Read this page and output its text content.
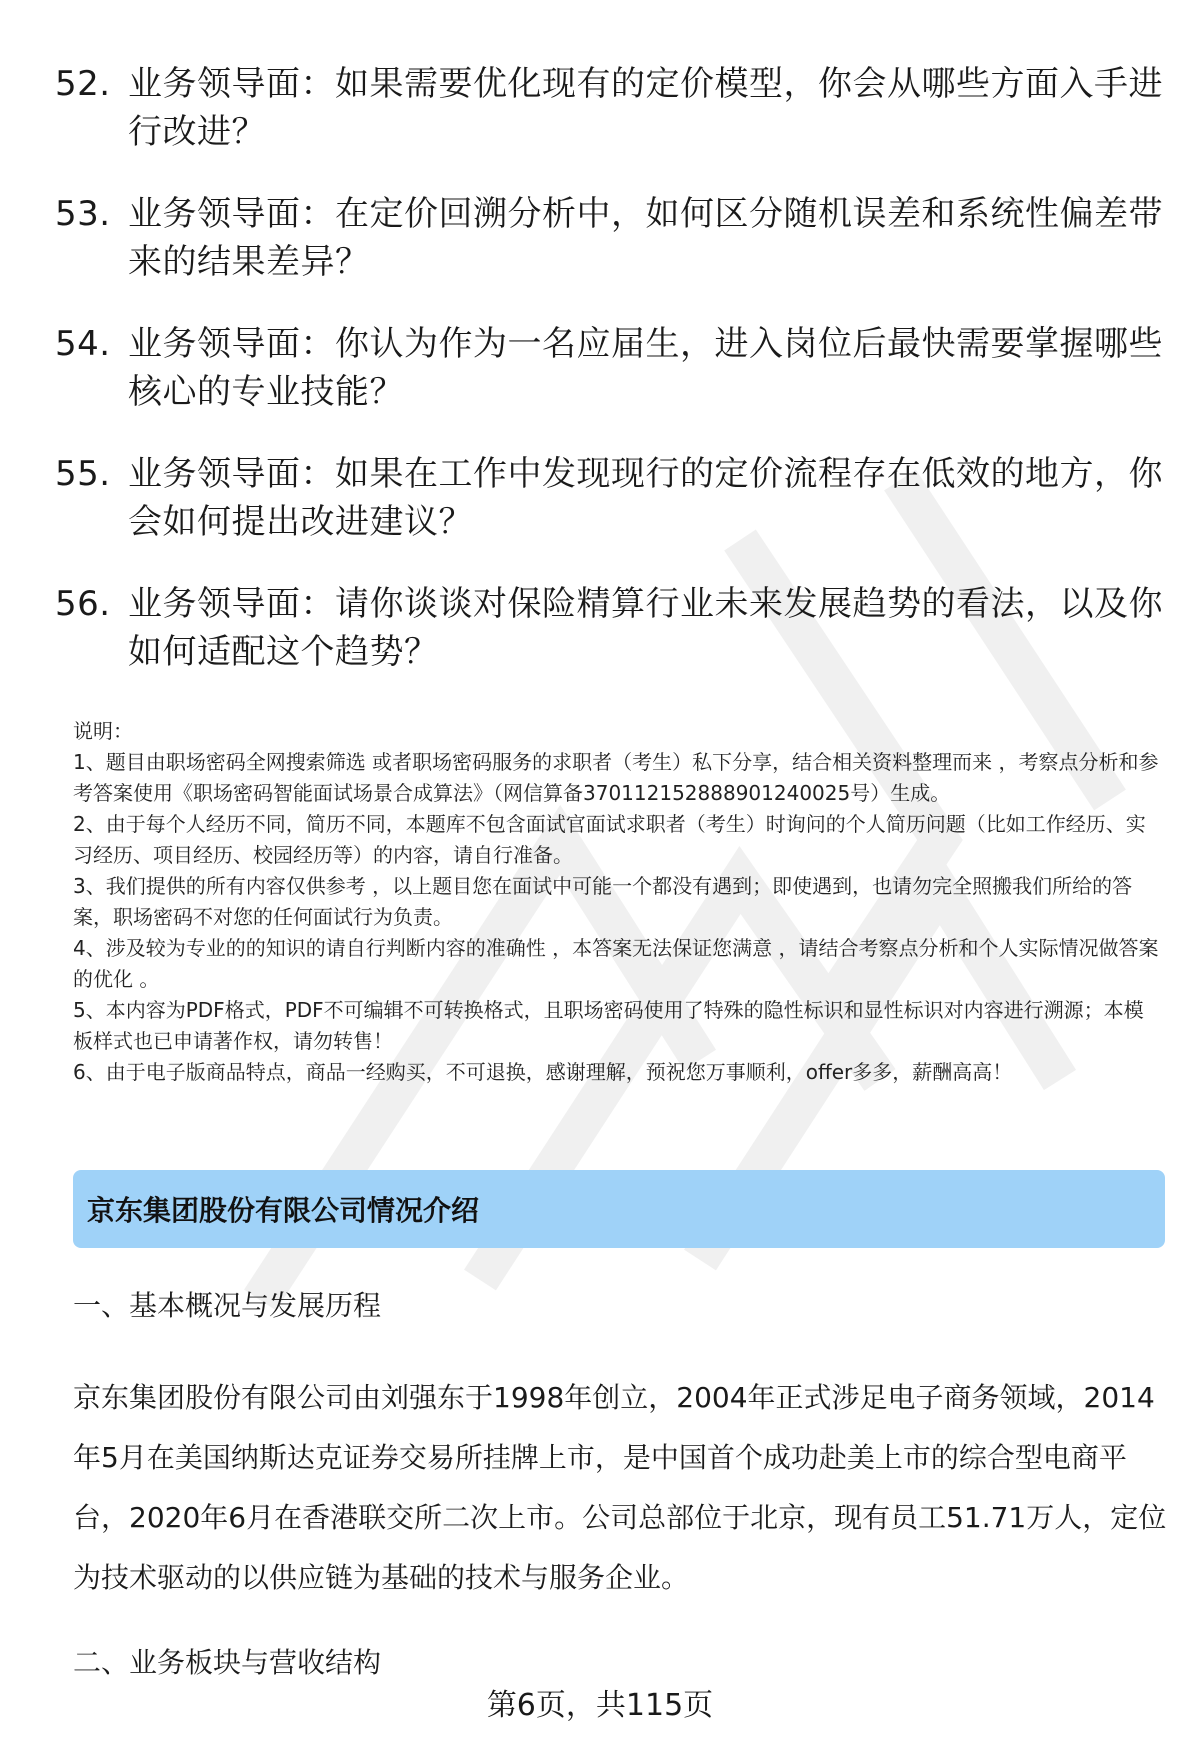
52. 业务领导面：如果需要优化现有的定价模型，你会从哪些方面入手进行改进？
53. 业务领导面：在定价回溯分析中，如何区分随机误差和系统性偏差带来的结果差异？
54. 业务领导面：你认为作为一名应届生，进入岗位后最快需要掌握哪些核心的专业技能？
55. 业务领导面：如果在工作中发现现行的定价流程存在低效的地方，你会如何提出改进建议？
56. 业务领导面：请你谈谈对保险精算行业未来发展趋势的看法，以及你如何适配这个趋势？

说明：

1、题目由职场密码全网搜索筛选 或者职场密码服务的求职者（考生）私下分享，结合相关资料整理而来 ，考察点分析和参考答案使用《职场密码智能面试场景合成算法》（网信算备370112152888901240025号）生成。

2、由于每个人经历不同，简历不同，本题库不包含面试官面试求职者（考生）时询问的个人简历问题（比如工作经历、实习经历、项目经历、校园经历等）的内容，请自行准备。

3、我们提供的所有内容仅供参考 ，以上题目您在面试中可能一个都没有遇到；即使遇到，也请勿完全照搬我们所给的答案，职场密码不对您的任何面试行为负责。

4、涉及较为专业的的知识的请自行判断内容的准确性 ，本答案无法保证您满意 ，请结合考察点分析和个人实际情况做答案的优化 。

5、本内容为PDF格式，PDF不可编辑不可转换格式，且职场密码使用了特殊的隐性标识和显性标识对内容进行溯源；本模板样式也已申请著作权，请勿转售！

6、由于电子版商品特点，商品一经购买，不可退换，感谢理解，预祝您万事顺利，offer多多，薪酬高高！

京东集团股份有限公司情况介绍
一、基本概况与发展历程
京东集团股份有限公司由刘强东于1998年创立，2004年正式涉足电子商务领域，2014年5月在美国纳斯达克证券交易所挂牌上市，是中国首个成功赴美上市的综合型电商平台，2020年6月在香港联交所二次上市。公司总部位于北京，现有员工51.71万人，定位为技术驱动的以供应链为基础的技术与服务企业。
二、业务板块与营收结构
第6页，共115页
